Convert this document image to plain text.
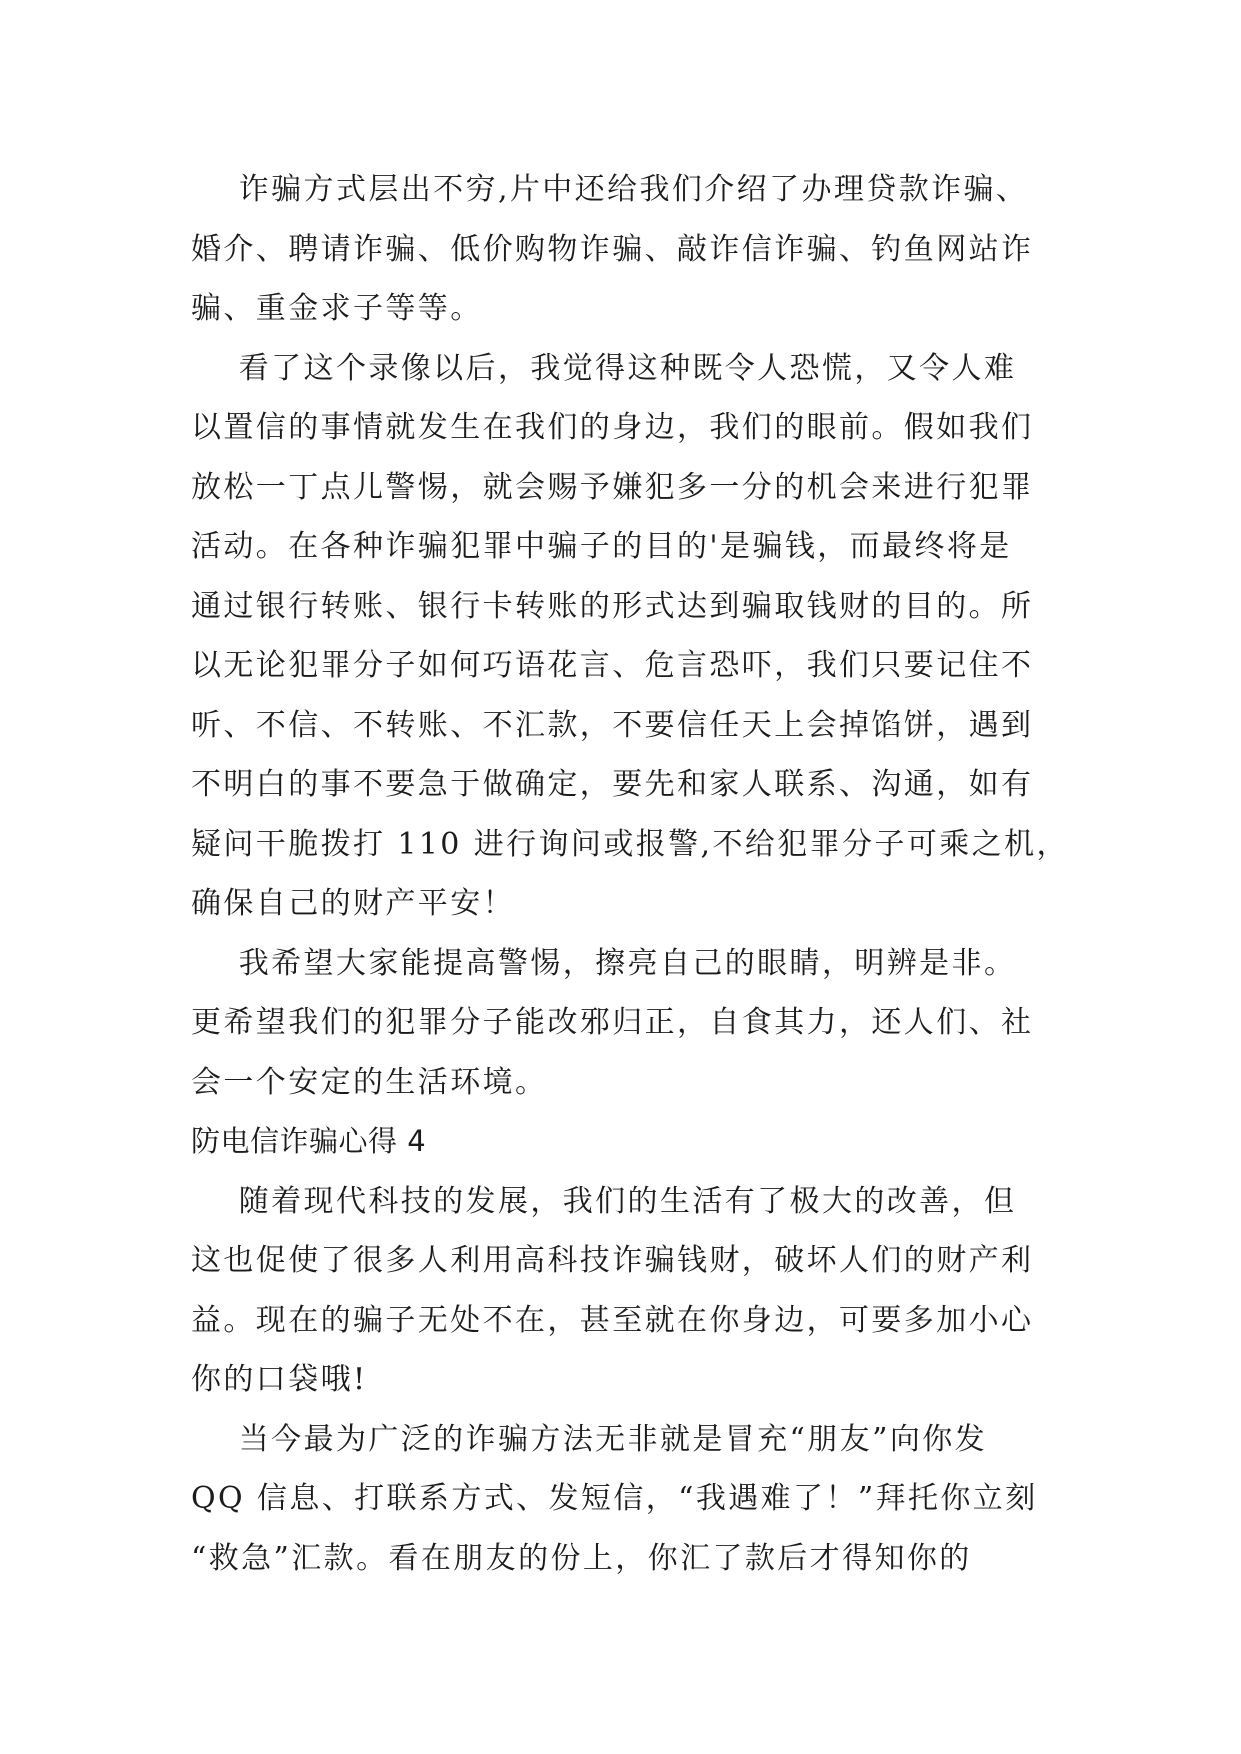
诈骗方式层出不穷,片中还给我们介绍了办理贷款诈骗、
婚介、聘请诈骗、低价购物诈骗、敲诈信诈骗、钓鱼网站诈
骗、重金求子等等。
看了这个录像以后，我觉得这种既令人恐慌，又令人难
以置信的事情就发生在我们的身边，我们的眼前。假如我们
放松一丁点儿警惕，就会赐予嫌犯多一分的机会来进行犯罪
活动。在各种诈骗犯罪中骗子的目的'是骗钱，而最终将是
通过银行转账、银行卡转账的形式达到骗取钱财的目的。所
以无论犯罪分子如何巧语花言、危言恐吓，我们只要记住不
听、不信、不转账、不汇款，不要信任天上会掉馅饼，遇到
不明白的事不要急于做确定，要先和家人联系、沟通，如有
疑问干脆拨打 110 进行询问或报警,不给犯罪分子可乘之机，
确保自己的财产平安！
我希望大家能提高警惕，擦亮自己的眼睛，明辨是非。
更希望我们的犯罪分子能改邪归正，自食其力，还人们、社
会一个安定的生活环境。
防电信诈骗心得 4
随着现代科技的发展，我们的生活有了极大的改善，但
这也促使了很多人利用高科技诈骗钱财，破坏人们的财产利
益。现在的骗子无处不在，甚至就在你身边，可要多加小心
你的口袋哦!
当今最为广泛的诈骗方法无非就是冒充“朋友”向你发
QQ 信息、打联系方式、发短信，“我遇难了！”拜托你立刻
“救急”汇款。看在朋友的份上，你汇了款后才得知你的
